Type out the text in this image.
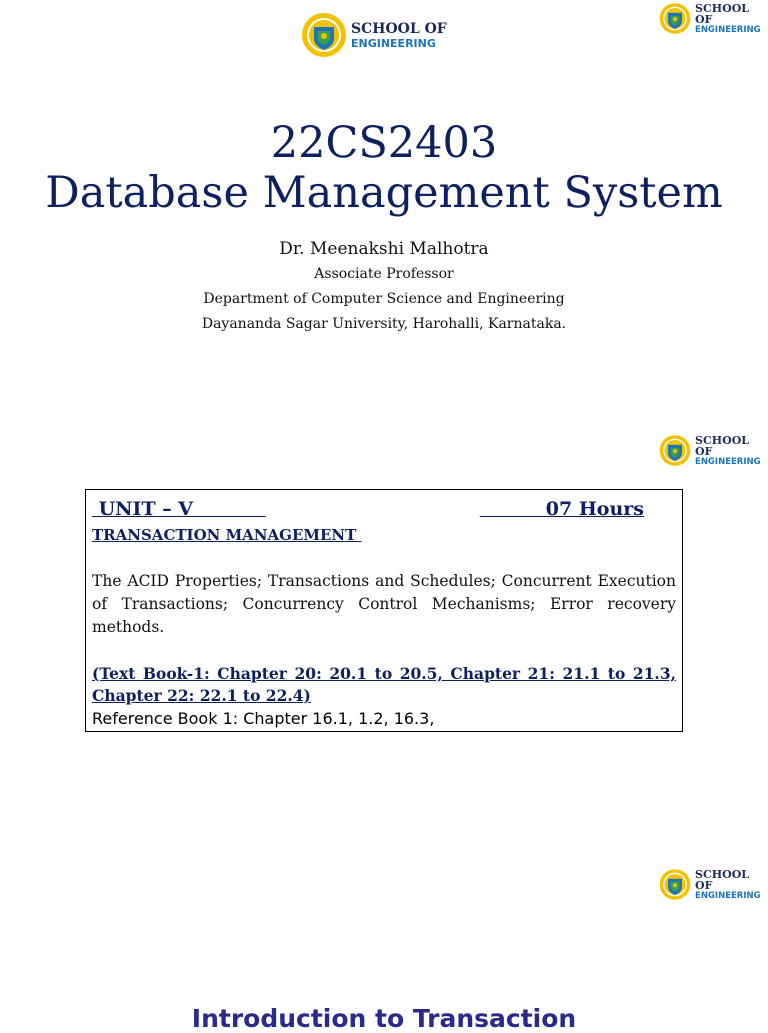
SCHOOL OF
ENGINEERING
SCHOOL OF
ENGINEERING
22CS2403
Database Management System
Dr. Meenakshi Malhotra
Associate Professor
Department of Computer Science and Engineering
Dayananda Sagar University, Harohalli, Karnataka.
SCHOOL OF
ENGINEERING
UNIT – V	07 Hours
TRANSACTION MANAGEMENT
The ACID Properties; Transactions and Schedules; Concurrent Execution of Transactions; Concurrency Control Mechanisms; Error recovery methods.
(Text Book-1: Chapter 20: 20.1 to 20.5, Chapter 21: 21.1 to 21.3, Chapter 22: 22.1 to 22.4)
Reference Book 1: Chapter 16.1, 1.2, 16.3,
SCHOOL OF
ENGINEERING
Introduction to Transaction
